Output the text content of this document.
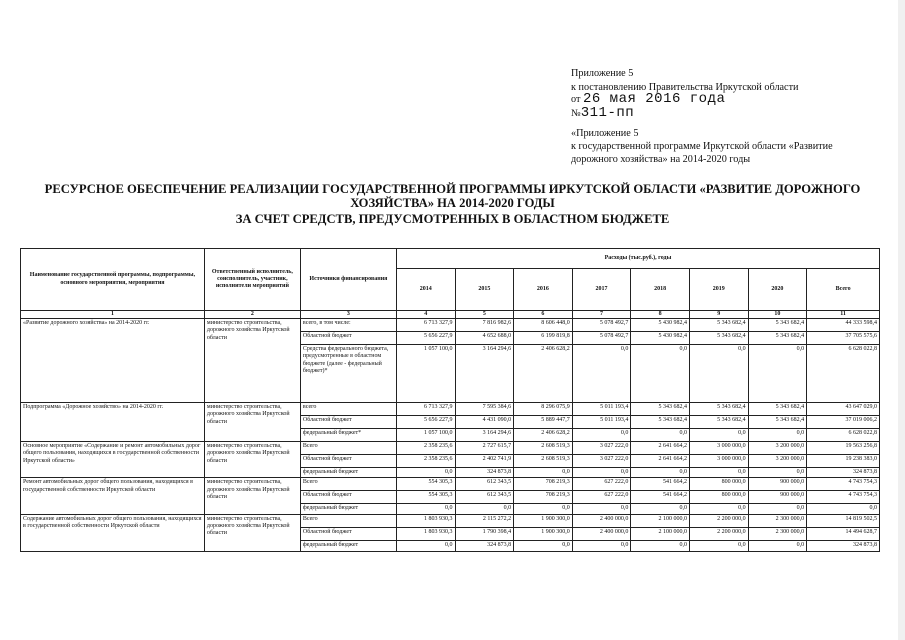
Приложение 5
к постановлению Правительства Иркутской области
от 26 мая 2016 года
№311-пп
«Приложение 5
к государственной программе Иркутской области «Развитие
дорожного хозяйства» на 2014-2020 годы
РЕСУРСНОЕ ОБЕСПЕЧЕНИЕ РЕАЛИЗАЦИИ ГОСУДАРСТВЕННОЙ ПРОГРАММЫ ИРКУТСКОЙ ОБЛАСТИ «РАЗВИТИЕ ДОРОЖНОГО
ХОЗЯЙСТВА» НА 2014-2020 ГОДЫ
ЗА СЧЕТ СРЕДСТВ, ПРЕДУСМОТРЕННЫХ В ОБЛАСТНОМ БЮДЖЕТЕ
Наименование государственной программы, подпрограммы, основного мероприятия, мероприятия	Ответственный исполнитель, соисполнитель, участник, исполнители мероприятий	Источники финансирования	Расходы (тыс.руб.), годы							
			2014	2015	2016	2017	2018	2019	2020	Всего
1	2	3	4	5	6	7	8	9	10	11
«Развитие дорожного хозяйства» на 2014-2020 гг.	министерство строительства, дорожного хозяйства Иркутской области	всего, в том числе:	6 713 327,9	7 816 982,6	8 606 448,0	5 078 492,7	5 430 982,4	5 343 682,4	5 343 682,4	44 333 598,4
		Областной бюджет	5 656 227,9	4 652 688,0	6 199 819,8	5 078 492,7	5 430 982,4	5 343 682,4	5 343 682,4	37 705 575,6
		Средства федерального бюджета, предусмотренные в областном бюджете (далее - федеральный бюджет)*	1 057 100,0	3 164 294,6	2 406 628,2	0,0	0,0	0,0	0,0	6 628 022,8
Подпрограмма «Дорожное хозяйство» на 2014-2020 гг.	министерство строительства, дорожного хозяйства Иркутской области	всего	6 713 327,9	7 595 384,6	8 296 075,9	5 011 193,4	5 343 682,4	5 343 682,4	5 343 682,4	43 647 029,0
		Областной бюджет	5 656 227,9	4 431 090,0	5 889 447,7	5 011 193,4	5 343 682,4	5 343 682,4	5 343 682,4	37 019 006,2
		федеральный бюджет*	1 057 100,0	3 164 294,6	2 406 628,2	0,0	0,0	0,0	0,0	6 628 022,8
Основное мероприятие «Содержание и ремонт автомобильных дорог общего пользования, находящихся в государственной собственности Иркутской области»	министерство строительства, дорожного хозяйства Иркутской области	Всего	2 358 235,6	2 727 615,7	2 608 519,3	3 027 222,0	2 641 664,2	3 000 000,0	3 200 000,0	19 563 256,8
		Областной бюджет	2 358 235,6	2 402 741,9	2 608 519,3	3 027 222,0	2 641 664,2	3 000 000,0	3 200 000,0	19 238 383,0
		федеральный бюджет	0,0	324 873,8	0,0	0,0	0,0	0,0	0,0	324 873,8
Ремонт автомобильных дорог общего пользования, находящихся в государственной собственности Иркутской области	министерство строительства, дорожного хозяйства Иркутской области	Всего	554 305,3	612 343,5	708 219,3	627 222,0	541 664,2	800 000,0	900 000,0	4 743 754,3
		Областной бюджет	554 305,3	612 343,5	708 219,3	627 222,0	541 664,2	800 000,0	900 000,0	4 743 754,3
		федеральный бюджет	0,0	0,0	0,0	0,0	0,0	0,0	0,0	0,0
Содержание автомобильных дорог общего пользования, находящихся в государственной собственности Иркутской области	министерство строительства, дорожного хозяйства Иркутской области	Всего	1 803 930,3	2 115 272,2	1 900 300,0	2 400 000,0	2 100 000,0	2 200 000,0	2 300 000,0	14 819 502,5
		Областной бюджет	1 803 930,3	1 790 398,4	1 900 300,0	2 400 000,0	2 100 000,0	2 200 000,0	2 300 000,0	14 494 628,7
		федеральный бюджет	0,0	324 873,8	0,0	0,0	0,0	0,0	0,0	324 873,8
